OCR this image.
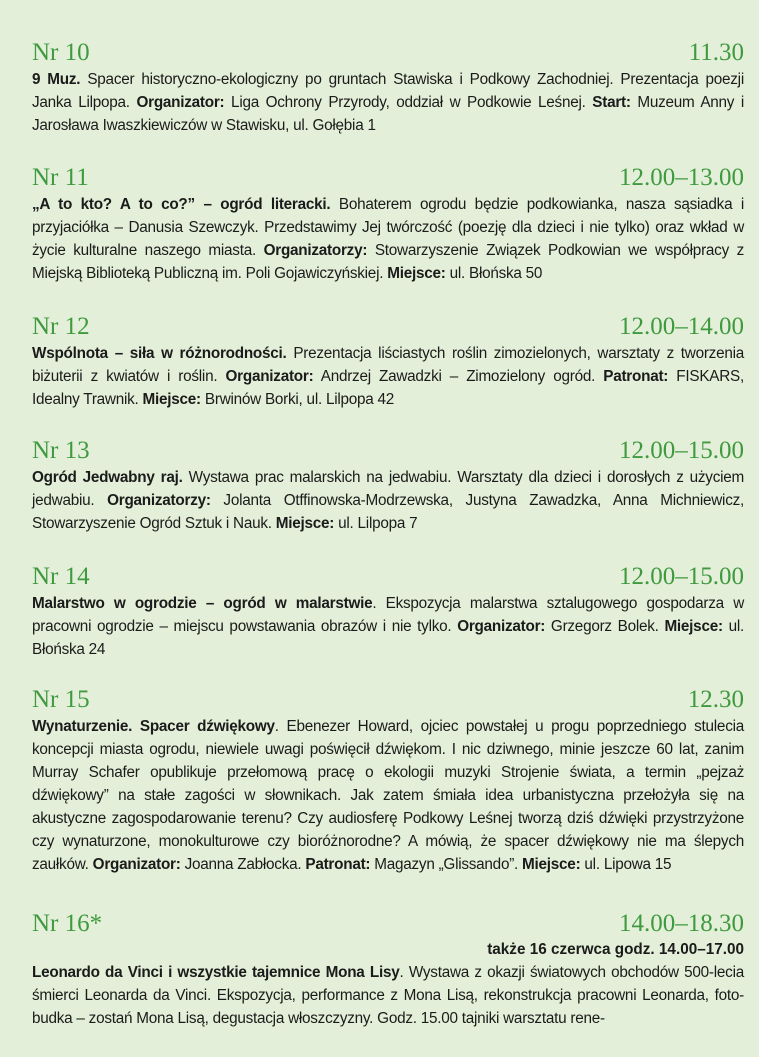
Nr 10	11.30
9 Muz. Spacer historyczno-ekologiczny po gruntach Stawiska i Podkowy Zachodniej. Prezentacja poezji Janka Lilpopa. Organizator: Liga Ochrony Przyrody, oddział w Podkowie Leśnej. Start: Muzeum Anny i Jarosława Iwaszkiewiczów w Stawisku, ul. Gołębia 1
Nr 11	12.00–13.00
„A to kto? A to co?” – ogród literacki. Bohaterem ogrodu będzie podkowianka, nasza sąsiadka i przyjaciółka – Danusia Szewczyk. Przedstawimy Jej twórczość (poezję dla dzieci i nie tylko) oraz wkład w życie kulturalne naszego miasta. Organizatorzy: Stowarzyszenie Związek Podkowian we współpracy z Miejską Biblioteką Publiczną im. Poli Gojawiczyńskiej. Miejsce: ul. Błońska 50
Nr 12	12.00–14.00
Wspólnota – siła w różnorodności. Prezentacja liściastych roślin zimozielonych, warsztaty z tworzenia biżuterii z kwiatów i roślin. Organizator: Andrzej Zawadzki – Zimozielony ogród. Patronat: FISKARS, Idealny Trawnik. Miejsce: Brwinów Borki, ul. Lilpopa 42
Nr 13	12.00–15.00
Ogród Jedwabny raj. Wystawa prac malarskich na jedwabiu. Warsztaty dla dzieci i dorosłych z użyciem jedwabiu. Organizatorzy: Jolanta Otffinowska-Modrzewska, Justyna Zawadzka, Anna Michniewicz, Stowarzyszenie Ogród Sztuk i Nauk. Miejsce: ul. Lilpopa 7
Nr 14	12.00–15.00
Malarstwo w ogrodzie – ogród w malarstwie. Ekspozycja malarstwa sztalugowego gospodarza w pracowni ogrodzie – miejscu powstawania obrazów i nie tylko. Organizator: Grzegorz Bolek. Miejsce: ul. Błońska 24
Nr 15	12.30
Wynaturzenie. Spacer dźwiękowy. Ebenezer Howard, ojciec powstałej u progu poprzedniego stulecia koncepcji miasta ogrodu, niewiele uwagi poświęcił dźwiękom. I nic dziwnego, minie jeszcze 60 lat, zanim Murray Schafer opublikuje przełomową pracę o ekologii muzyki Strojenie świata, a termin „pejzaż dźwiękowy” na stałe zagości w słownikach. Jak zatem śmiała idea urbanistyczna przełożyła się na akustyczne zagospodarowanie terenu? Czy audiosferę Podkowy Leśnej tworzą dziś dźwięki przystrzyżone czy wynaturzone, monokulturowe czy bioróżnorodne? A mówią, że spacer dźwiękowy nie ma ślepych zaułków. Organizator: Joanna Zabłocka. Patronat: Magazyn „Glissando”. Miejsce: ul. Lipowa 15
Nr 16*	14.00–18.30
także 16 czerwca godz. 14.00–17.00
Leonardo da Vinci i wszystkie tajemnice Mona Lisy. Wystawa z okazji światowych obchodów 500-lecia śmierci Leonarda da Vinci. Ekspozycja, performance z Mona Lisą, rekonstrukcja pracowni Leonarda, foto-budka – zostań Mona Lisą, degustacja włoszczyzny. Godz. 15.00 tajniki warsztatu rene-
